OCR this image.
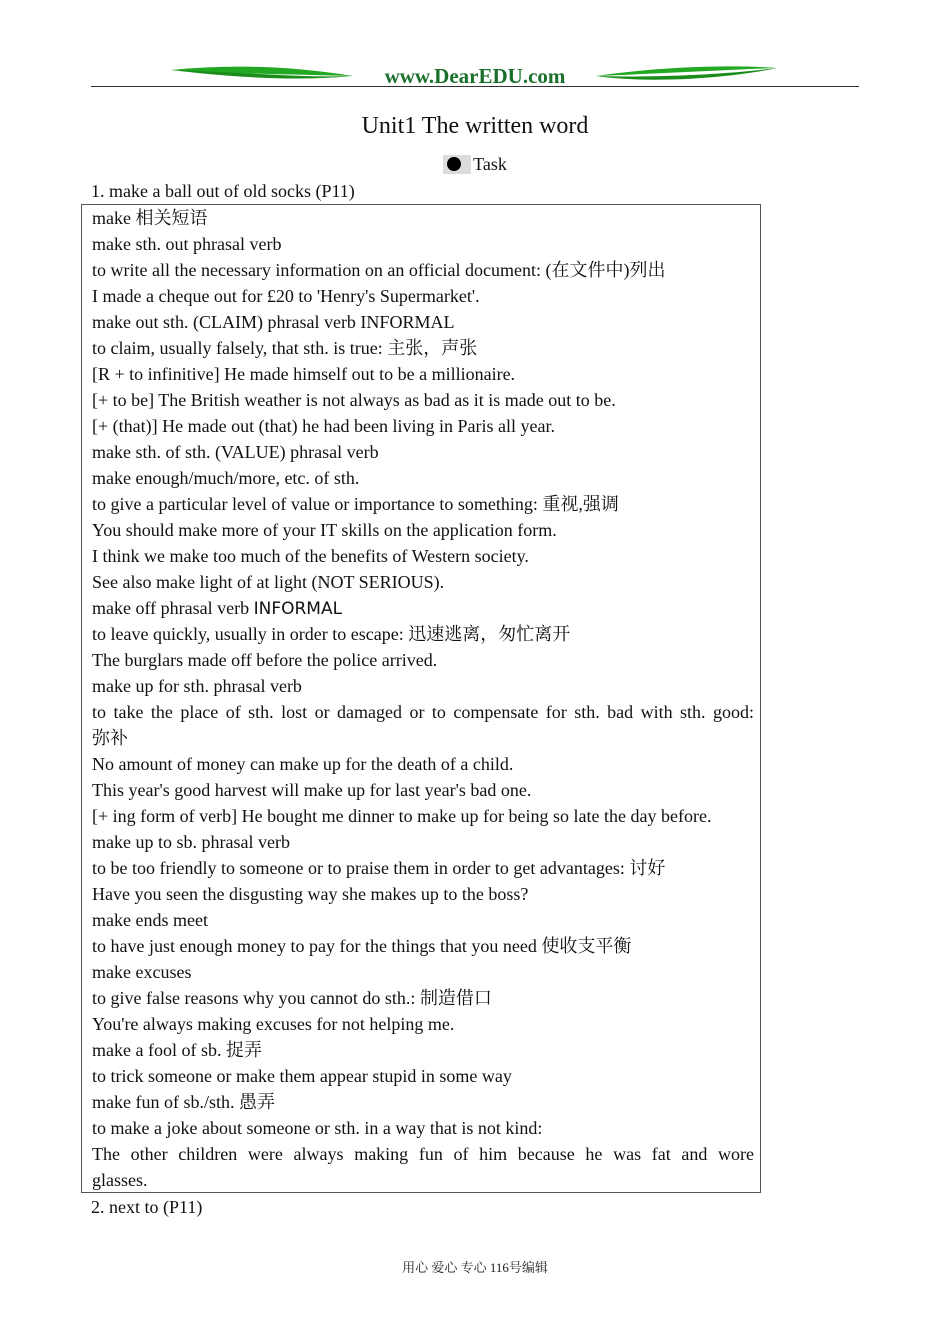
www.DearEDU.com
Unit1 The written word
Task
1. make a ball out of old socks (P11)
make 相关短语
make sth. out phrasal verb
to write all the necessary information on an official document: (在文件中)列出
I made a cheque out for £20 to 'Henry's Supermarket'.
make out sth. (CLAIM) phrasal verb INFORMAL
to claim, usually falsely, that sth. is true: 主张，声张
[R + to infinitive] He made himself out to be a millionaire.
[+ to be] The British weather is not always as bad as it is made out to be.
[+ (that)] He made out (that) he had been living in Paris all year.
make sth. of sth. (VALUE) phrasal verb
make enough/much/more, etc. of sth.
to give a particular level of value or importance to something: 重视,强调
You should make more of your IT skills on the application form.
I think we make too much of the benefits of Western society.
See also make light of at light (NOT SERIOUS).
make off phrasal verb INFORMAL
to leave quickly, usually in order to escape: 迅速逃离，匆忙离开
The burglars made off before the police arrived.
make up for sth. phrasal verb
to take the place of sth. lost or damaged or to compensate for sth. bad with sth. good:
弥补
No amount of money can make up for the death of a child.
This year's good harvest will make up for last year's bad one.
[+ ing form of verb] He bought me dinner to make up for being so late the day before.
make up to sb. phrasal verb
to be too friendly to someone or to praise them in order to get advantages: 讨好
Have you seen the disgusting way she makes up to the boss?
make ends meet
to have just enough money to pay for the things that you need 使收支平衡
make excuses
to give false reasons why you cannot do sth.: 制造借口
You're always making excuses for not helping me.
make a fool of sb. 捉弄
to trick someone or make them appear stupid in some way
make fun of sb./sth. 愚弄
to make a joke about someone or sth. in a way that is not kind:
The other children were always making fun of him because he was fat and wore
glasses.
2. next to (P11)
用心 爱心 专心 116号编辑
